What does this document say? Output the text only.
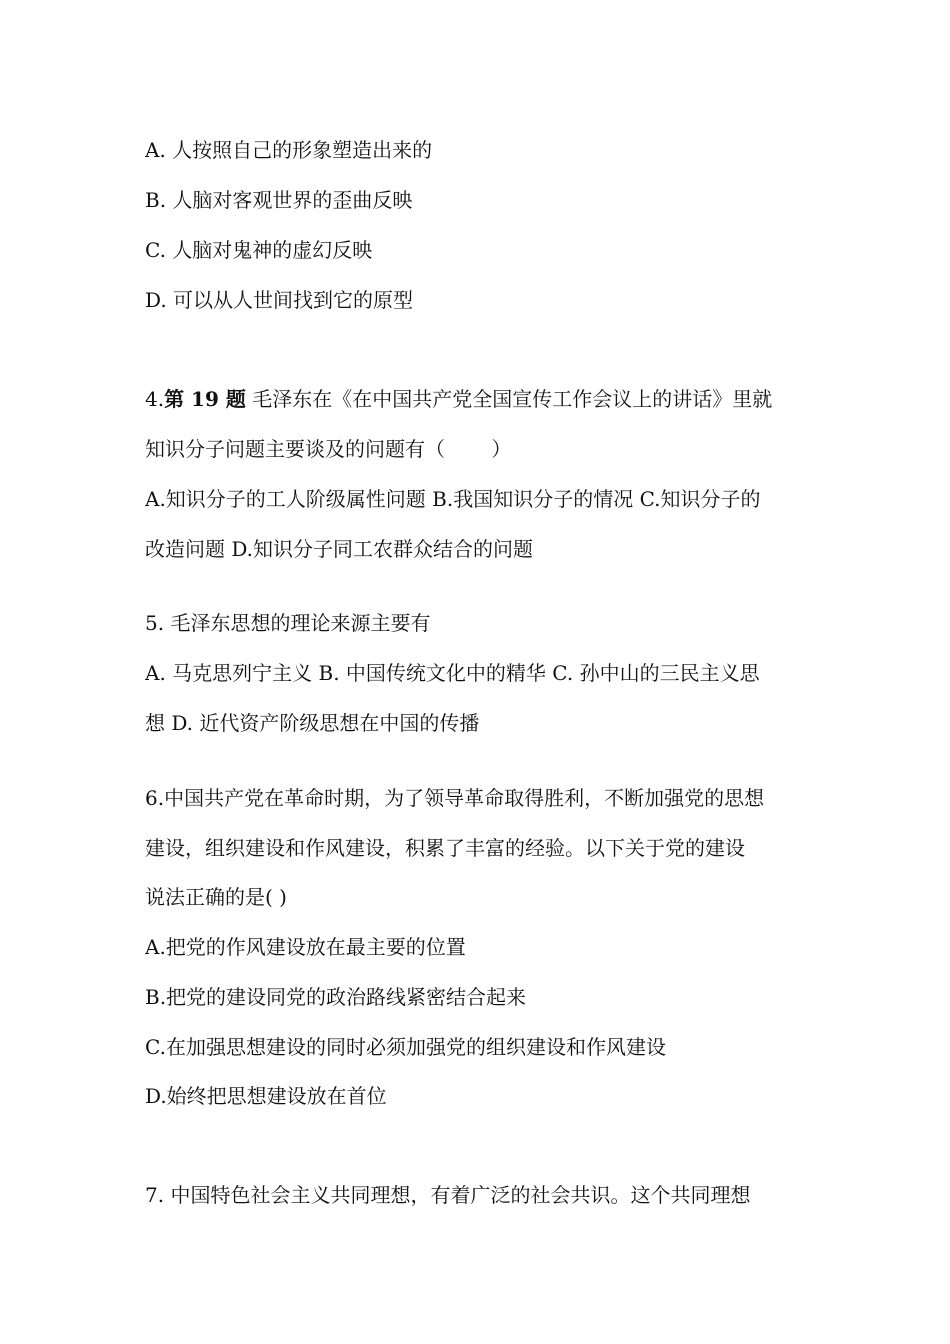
A. 人按照自己的形象塑造出来的
B. 人脑对客观世界的歪曲反映
C. 人脑对鬼神的虚幻反映
D. 可以从人世间找到它的原型
4.第 19 题 毛泽东在《在中国共产党全国宣传工作会议上的讲话》里就
知识分子问题主要谈及的问题有（　　 ）
A.知识分子的工人阶级属性问题 B.我国知识分子的情况 C.知识分子的
改造问题 D.知识分子同工农群众结合的问题
5. 毛泽东思想的理论来源主要有
A. 马克思列宁主义 B. 中国传统文化中的精华 C. 孙中山的三民主义思
想 D. 近代资产阶级思想在中国的传播
6.中国共产党在革命时期，为了领导革命取得胜利，不断加强党的思想
建设，组织建设和作风建设，积累了丰富的经验。以下关于党的建设
说法正确的是( )
A.把党的作风建设放在最主要的位置
B.把党的建设同党的政治路线紧密结合起来
C.在加强思想建设的同时必须加强党的组织建设和作风建设
D.始终把思想建设放在首位
7. 中国特色社会主义共同理想，有着广泛的社会共识。这个共同理想
